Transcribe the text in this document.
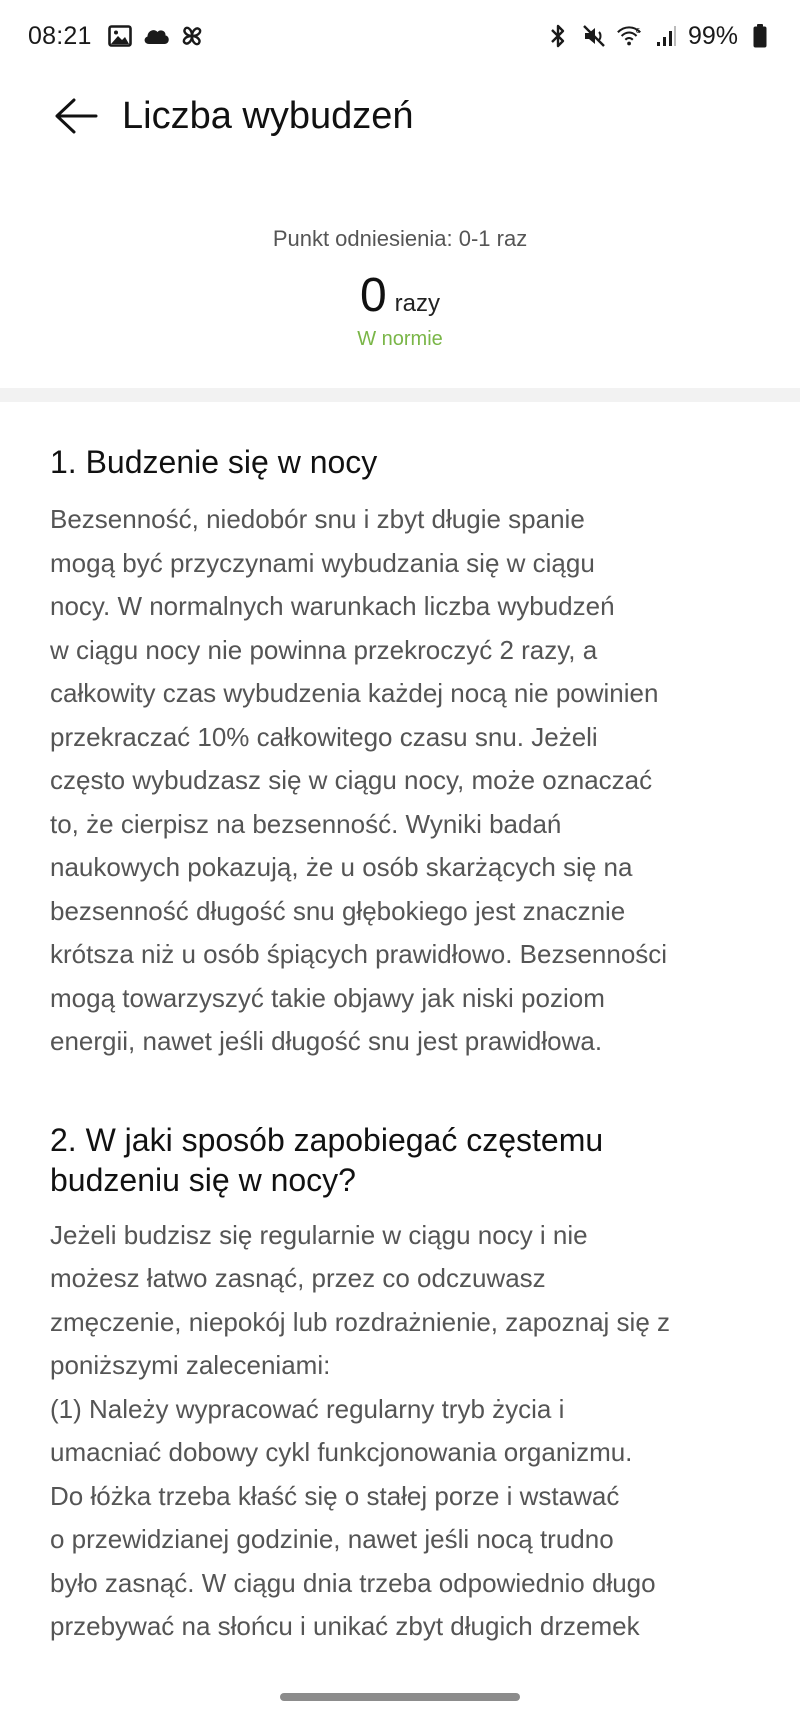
08:21	6 99%
Liczba wybudzeń
Punkt odniesienia: 0-1 raz
0 razy
W normie
1. Budzenie się w nocy

Bezsenność, niedobór snu i zbyt długie spanie
mogą być przyczynami wybudzania się w ciągu
nocy. W normalnych warunkach liczba wybudzeń
w ciągu nocy nie powinna przekroczyć 2 razy, a
całkowity czas wybudzenia każdej nocą nie powinien
przekraczać 10% całkowitego czasu snu. Jeżeli
często wybudzasz się w ciągu nocy, może oznaczać
to, że cierpisz na bezsenność. Wyniki badań
naukowych pokazują, że u osób skarżących się na
bezsenność długość snu głębokiego jest znacznie
krótsza niż u osób śpiących prawidłowo. Bezsenności
mogą towarzyszyć takie objawy jak niski poziom
energii, nawet jeśli długość snu jest prawidłowa.

2. W jaki sposób zapobiegać częstemu
budzeniu się w nocy?

Jeżeli budzisz się regularnie w ciągu nocy i nie
możesz łatwo zasnąć, przez co odczuwasz
zmęczenie, niepokój lub rozdrażnienie, zapoznaj się z
poniższymi zaleceniami:
(1) Należy wypracować regularny tryb życia i
umacniać dobowy cykl funkcjonowania organizmu.
Do łóżka trzeba kłaść się o stałej porze i wstawać
o przewidzianej godzinie, nawet jeśli nocą trudno
było zasnąć. W ciągu dnia trzeba odpowiednio długo
przebywać na słońcu i unikać zbyt długich drzemek
